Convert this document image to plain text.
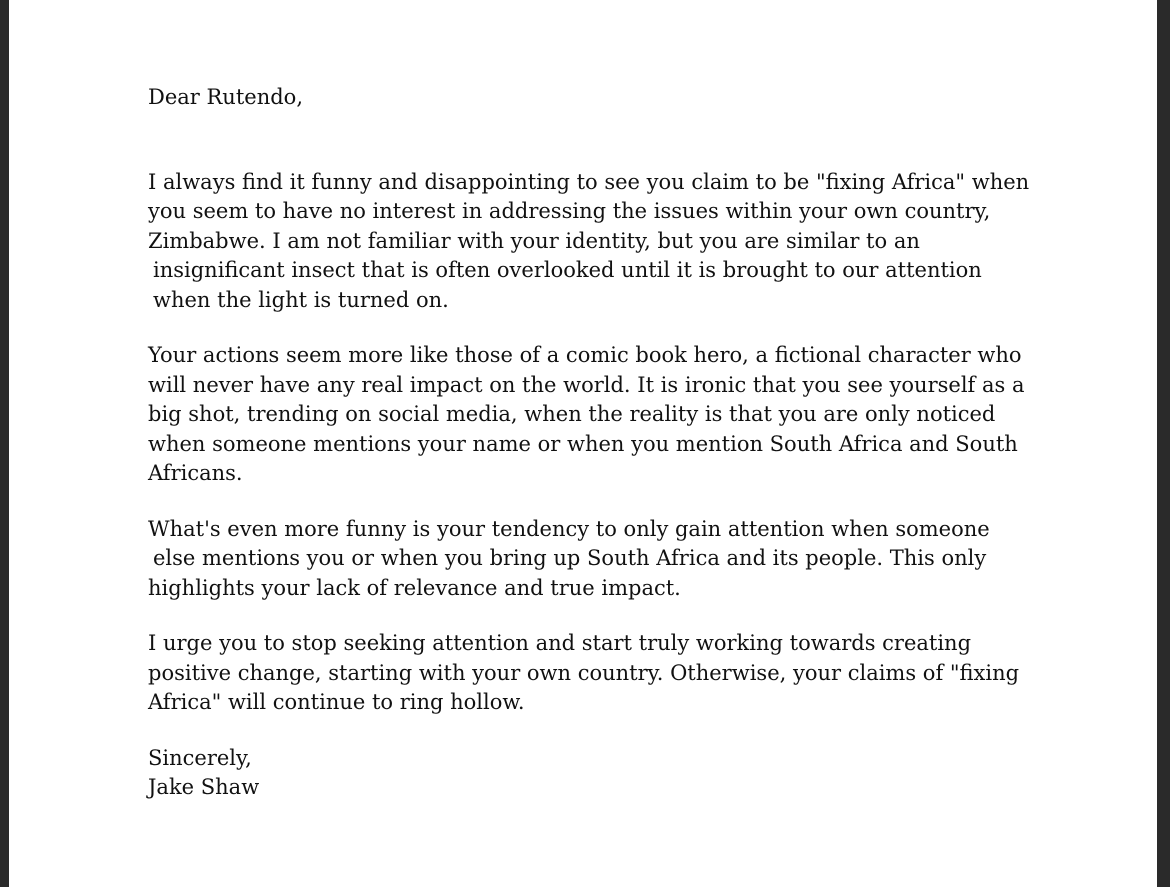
Dear Rutendo,
I always find it funny and disappointing to see you claim to be "fixing Africa" when
you seem to have no interest in addressing the issues within your own country,
Zimbabwe. I am not familiar with your identity, but you are similar to an
insignificant insect that is often overlooked until it is brought to our attention
when the light is turned on.
Your actions seem more like those of a comic book hero, a fictional character who
will never have any real impact on the world. It is ironic that you see yourself as a
big shot, trending on social media, when the reality is that you are only noticed
when someone mentions your name or when you mention South Africa and South
Africans.
What's even more funny is your tendency to only gain attention when someone
else mentions you or when you bring up South Africa and its people. This only
highlights your lack of relevance and true impact.
I urge you to stop seeking attention and start truly working towards creating
positive change, starting with your own country. Otherwise, your claims of "fixing
Africa" will continue to ring hollow.
Sincerely,
Jake Shaw
